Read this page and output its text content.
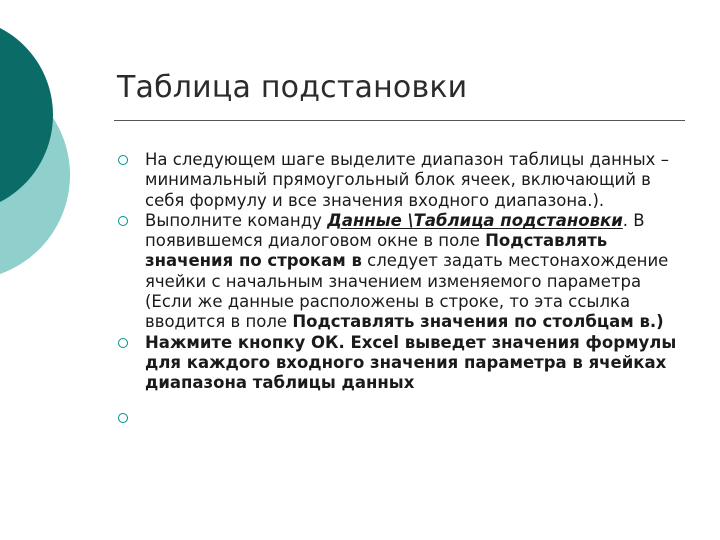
Таблица подстановки
На следующем шаге выделите диапазон таблицы данных – минимальный прямоугольный блок ячеек, включающий в себя формулу и все значения входного диапазона.).
Выполните команду Данные \Таблица подстановки. В появившемся диалоговом окне в поле Подставлять значения по строкам в следует задать местонахождение ячейки с начальным значением изменяемого параметра (Если же данные расположены в строке, то эта ссылка вводится в поле Подставлять значения по столбцам в.)
Нажмите кнопку ОК. Excel выведет значения формулы для каждого входного значения параметра в ячейках диапазона таблицы данных
